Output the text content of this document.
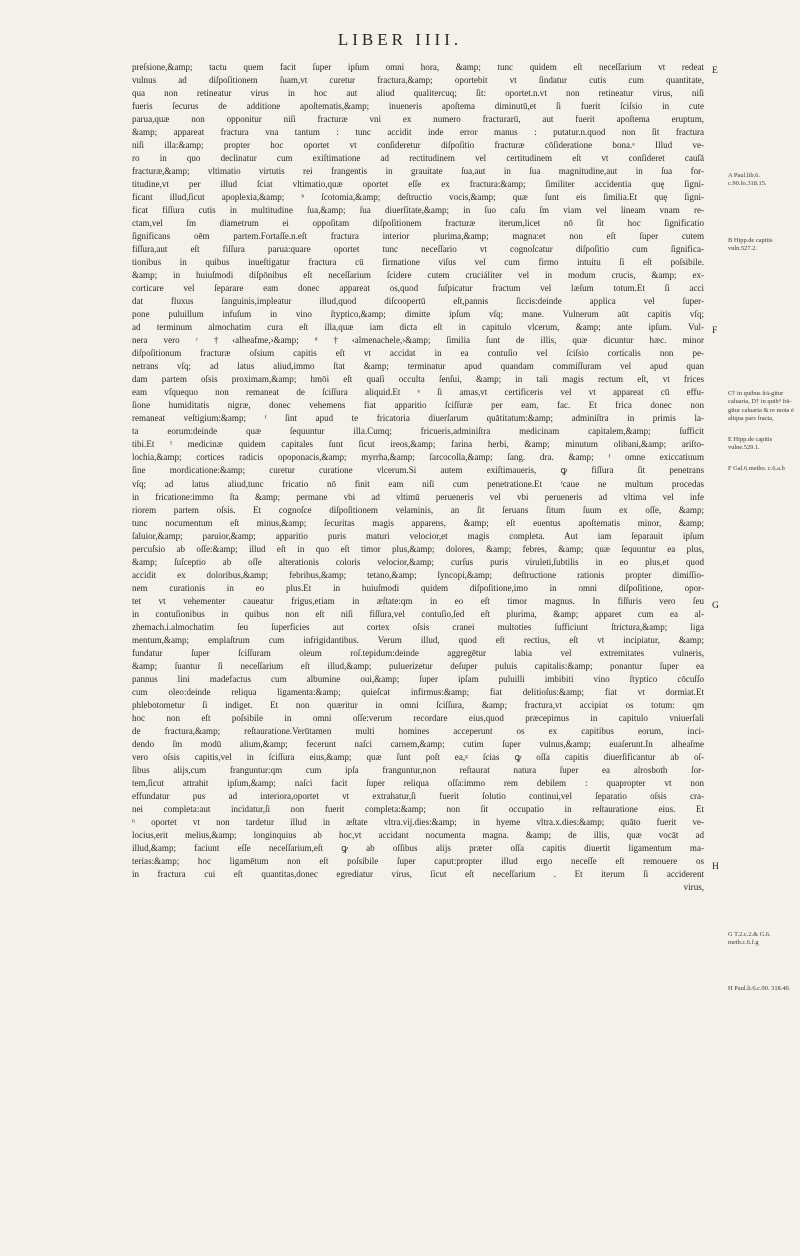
LIBER IIII.
preſsione,&amp; tactu quem facit ſuper ipſum omni hora, &amp; tunc quidem eſt neceſſarium vt redeat
vulnus ad diſpoſitionem ſuam,vt curetur fractura,&amp; oportebit vt ſindatur cutis cum quantitate,
qua non retineatur virus in hoc aut aliud qualitercuq; ſit: oportet.n.vt non retineatur virus, niſi
fueris ſecurus de additione apoſtematis,&amp; inueneris apoſtema diminutū,et ſi fuerit ſciſsio in cute
parua,quæ non opponitur niſi fracturæ vni ex numero fracturarū, aut fuerit apoſtema eruptum,
&amp; appareat fractura vna tantum : tunc accidit inde error manus : putatur.n.quod non ſit fractura
niſi illa:&amp; propter hoc oportet vt conſideretur diſpoſitio fracturæ cōſideratione bona.ᵃ Illud ve-
ro in quo declinatur cum exiſtimatione ad rectitudinem vel certitudinem eſt vt conſideret cauſā
fracturæ,&amp; vltimatio virtutis rei frangentis in grauitate ſua,aut in ſua magnitudine,aut in ſua for-
titudine,vt per illud ſciat vltimatio,quæ oportet eſſe ex fractura:&amp; ſimiliter accidentia quę ſigni-
ficant illud,ſicut apoplexia,&amp; ᵇ ſcotomia,&amp; deſtructio vocis,&amp; quæ ſunt eis ſimilia.Et quę ſigni-
ficat fiſſura cutis in multitudine ſua,&amp; ſua diuerſitate,&amp; in ſuo caſu ſm viam vel lineam vnam re-
ctam,vel ſm diametrum ei oppoſitam diſpoſitionem fracturæ iterum,licet nō ſit hoc ſignificatio
ſignificans oēm partem.Fortaſſe.n.eſt fractura interior plurima,&amp; magna:et non eſt ſuper cutem
fiſſura,aut eſt fiſſura parua:quare oportet tunc neceſſario vt cognoſcatur diſpoſitio cum ſignifica-
tionibus in quibus inueſtigatur fractura cū firmatione viſus vel cum firmo intuitu ſi eſt poſsibile.
&amp; in huiuſmodi diſpōnibus eſt neceſſarium ſcidere cutem cruciáliter vel in modum crucis, &amp; ex-
corticare vel ſeparare eam donec appareat os,quod ſuſpicatur fractum vel læſum totum.Et ſi acci
dat fluxus ſanguinis,impleatur illud,quod diſcoopertū eſt,pannis ſiccis:deinde applica vel ſuper-
pone puluillum infuſum in vino ſtyptico,&amp; dimitte ipſum vſq; mane. Vulnerum aūt capitis vſq;
ad terminum almochatim cura eſt illa,quæ iam dicta eſt in capitulo vlcerum, &amp; ante ipſum. Vul-
nera vero ᶜ †‹alheafme,›&amp; ᵈ †‹almenachele,›&amp; ſimilia ſunt de illis, quæ dicuntur hæc. minor
diſpoſitionum fracturæ oſsium capitis eſt vt accidat in ea contuſio vel ſciſsio corticalis non pe-
netrans vſq; ad latus aliud,immo ſtat &amp; terminatur apud quandam commiſſuram vel apud quan
dam partem oſsis proximam,&amp; hmōi eſt quaſi occulta ſenſui, &amp; in tali magis rectum eſt, vt frices
eam vſquequo non remaneat de ſciſſura aliquid.Et ᵉ ſi amas,vt certificeris vel vt appareat cū effu-
ſione humiditatis nigræ, donec vehemens fiat apparitio ſciſſuræ per eam, fac. Et frica donec non
remaneat veſtigium:&amp; ᶠ ſint apud te fricatoria diuerſarum quātitatum:&amp; adminiſtra in primis la-
ta eorum:deinde quæ ſequuntur illa.Cumq; fricueris,adminiſtra medicinam capitalem,&amp; ſufficit
tibi.Et ᶠ medicinæ quidem capitales ſunt ſicut ireos,&amp; farina herbi, &amp; minutum olibani,&amp; ariſto-
lochia,&amp; cortices radicis opoponacis,&amp; myrrha,&amp; ſarcocolla,&amp; ſang. dra. &amp; ᶠ omne exiccatiuum
ſine mordicatione:&amp; curetur curatione vlcerum.Si autem exiſtimaueris, ꝙ fiſſura ſit penetrans
vſq; ad latus aliud,tunc fricatio nō finit eam niſi cum penetratione.Et ᶠcaue ne multum procedas
in fricatione:immo ſta &amp; permane vbi ad vltimū perueneris vel vbi perueneris ad vltima vel infe
riorem partem oſsis. Et cognoſce diſpoſitionem velaminis, an ſit ſeruans ſitum ſuum ex oſſe, &amp;
tunc nocumentum eſt minus,&amp; ſecuritas magis apparens, &amp; eſt euentus apoſtematis minor, &amp;
ſaluior,&amp; paruior,&amp; apparitio puris maturi velocior,et magis completa. Aut iam ſeparauit ipſum
percuſsio ab oſſe:&amp; illud eſt in quo eſt timor plus,&amp; dolores, &amp; febres, &amp; quæ ſequuntur ea plus,
&amp; ſuſceptio ab oſſe alterationis coloris velocior,&amp; curſus puris viruleti,ſubtilis in eo plus,et quod
accidit ex doloribus,&amp; febribus,&amp; tetano,&amp; ſyncopi,&amp; deſtructione rationis propter dimiſſio-
nem curationis in eo plus.Et in huiuſmodi quidem diſpoſitione,imo in omni diſpoſitione, opor-
tet vt vehementer caueatur frigus,etiam in æſtate:qm in eo eſt timor magnus. In fiſſuris vero ſeu
in contuſionibus in quibus non eſt niſi fiſſura,vel contuſio,ſed eſt plurima, &amp; apparet cum ea al-
zhemach.i.almochatim ſeu ſuperficies aut cortex oſsis cranei multoties ſufficiunt ſtrictura,&amp; liga
mentum,&amp; emplaſtrum cum infrigidantibus. Verum illud, quod eſt rectius, eſt vt incipiatur, &amp;
fundatur ſuper ſciſſuram oleum roſ.tepidum:deinde aggregētur labia vel extremitates vulneris,
&amp; ſuantur ſi neceſſarium eſt illud,&amp; puluerizetur deſuper puluis capitalis:&amp; ponantur ſuper ea
pannus lini madefactus cum albumine oui,&amp; ſuper ipſam puluilli imbibiti vino ſtyptico cōcuſſo
cum oleo:deinde reliqua ligamenta:&amp; quieſcat infirmus:&amp; fiat delitioſus:&amp; fiat vt dormiat.Et
phlebotometur ſi indiget. Et non quæritur in omni ſciſſura, &amp; fractura,vt accipiat os totum: qm
hoc non eſt poſsibile in omni oſſe:verum recordare eius,quod præcepimus in capitulo vniuerſali
de fractura,&amp; reſtauratione.Verūtamen multi homines acceperunt os ex capitibus eorum, inci-
dendo ſm modū alium,&amp; fecerunt naſci carnem,&amp; cutim ſuper vulnus,&amp; euaſerunt.In alheaſme
vero oſsis capitis,vel in ſciſſura eius,&amp; quæ ſunt poſt ea,ᵍ ſcias ꝙ oſſa capitis diuerſificantur ab oſ-
ſibus alijs,cum franguntur:qm cum ipſa franguntur,non reſtaurat natura ſuper ea alrosboth ſor-
tem,ſicut attrahit ipſum,&amp; naſci facit ſuper reliqua oſſa:immo rem debilem : quapropter vt non
effundatur pus ad interiora,oportet vt extrahatur,ſi fuerit ſolutio continui,vel ſeparatio oſsis cra-
nei completa:aut incidatur,ſi non fuerit completa:&amp; non ſit occupatio in reſtauratione eius. Et
ʰ oportet vt non tardetur illud in æſtate vltra.vij.dies:&amp; in hyeme vltra.x.dies:&amp; quāto fuerit ve-
locius,erit melius,&amp; longinquius ab hoc,vt accidant nocumenta magna. &amp; de illis, quæ vocāt ad
illud,&amp; faciunt eſſe neceſſarium,eſt ꝙ ab oſſibus alijs præter oſſa capitis diuertit ligamentum ma-
terias:&amp; hoc ligamētum non eſt poſsibile ſuper caput:propter illud ergo neceſſe eſt remouere os
in fractura cui eſt quantitas,donec egrediatur virus, ſicut eſt neceſſarium . Et iterum ſi acciderent
virus,
E
F
G
H
A Paul.lib.6. c.90.fo.318.15.
B Hipp.de capitis vuln.527.2.
C† in quibus ſrā-gitur caluaria, D† in quib⁹ ſrā-gitur caluaria & re mota ē aliqua pars fracta,
E Hipp.de capitis vulne.529.1.
F Gal.6.metho. c.6.a.b
G T.2.c.2.& G.6. meth.c.6.f.g
H Paul.li.6.c.90. 318.40.
